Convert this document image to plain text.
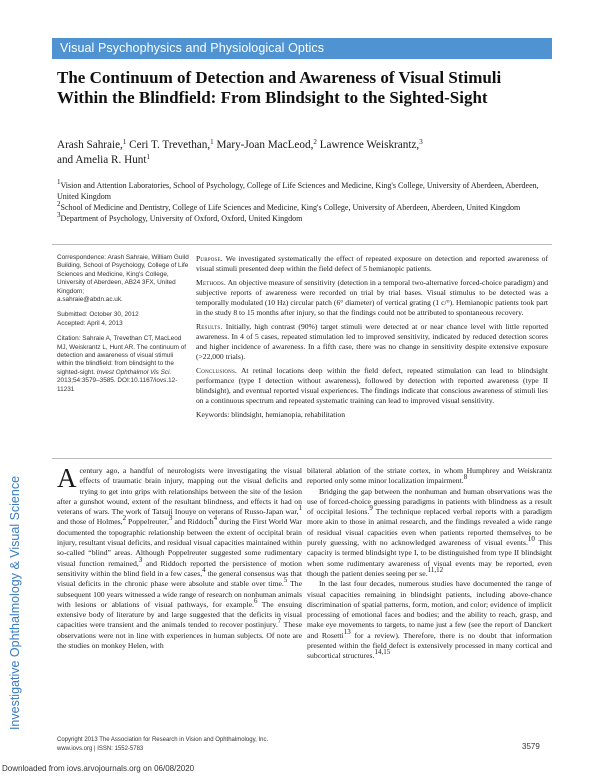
Visual Psychophysics and Physiological Optics
Investigative Ophthalmology & Visual Science
The Continuum of Detection and Awareness of Visual Stimuli Within the Blindfield: From Blindsight to the Sighted-Sight
Arash Sahraie,$^1$ Ceri T. Trevethan,$^1$ Mary-Joan MacLeod,$^2$ Lawrence Weiskrantz,$^3$
and Amelia R. Hunt$^1$

$^1$Vision and Attention Laboratories, School of Psychology, College of Life Sciences and Medicine, King's College, University of Aberdeen, Aberdeen, United Kingdom

$^2$School of Medicine and Dentistry, College of Life Sciences and Medicine, King's College, University of Aberdeen, Aberdeen, United Kingdom

$^3$Department of Psychology, University of Oxford, Oxford, United Kingdom

Correspondence: Arash Sahraie, William Guild Building, School of Psychology, College of Life Sciences and Medicine, King's College, University of Aberdeen, AB24 3FX, United Kingdom;
a.sahraie@abdn.ac.uk.
Submitted: October 30, 2012
Accepted: April 4, 2013
Citation: Sahraie A, Trevethan CT, MacLeod MJ, Weiskrantz L, Hunt AR. The continuum of detection and awareness of visual stimuli within the blindfield: from blindsight to the sighted-sight. Invest Ophthalmol Vis Sci. 2013;54:3579–3585. DOI:10.1167/iovs.12-11231

Purpose. We investigated systematically the effect of repeated exposure on detection and reported awareness of visual stimuli presented deep within the field defect of 5 hemianopic patients.

Methods. An objective measure of sensitivity (detection in a temporal two-alternative forced-choice paradigm) and subjective reports of awareness were recorded on trial by trial bases. Visual stimulus to be detected was a temporally modulated (10 Hz) circular patch (6° diameter) of vertical grating (1 c/°). Hemianopic patients took part in the study 8 to 15 months after injury, so that the findings could not be attributed to spontaneous recovery.

Results. Initially, high contrast (90%) target stimuli were detected at or near chance level with little reported awareness. In 4 of 5 cases, repeated stimulation led to improved sensitivity, indicated by reduced detection scores and higher incidence of awareness. In a fifth case, there was no change in sensitivity despite extensive exposure (>22,000 trials).

Conclusions. At retinal locations deep within the field defect, repeated stimulation can lead to blindsight performance (type I detection without awareness), followed by detection with reported awareness (type II blindsight), and eventual reported visual experiences. The findings indicate that conscious awareness of stimuli lies on a continuous spectrum and repeated systematic training can lead to improved visual sensitivity.

Keywords: blindsight, hemianopia, rehabilitation

Acentury ago, a handful of neurologists were investigating the visual effects of traumatic brain injury, mapping out the visual deficits and trying to get into grips with relationships between the site of the lesion after a gunshot wound, extent of the resultant blindness, and effects it had on veterans of wars. The work of Tatsuji Inouye on veterans of Russo-Japan war,$^1$ and those of Holmes,$^2$ Poppelreuter,$^3$ and Riddoch$^4$ during the First World War documented the topographic relationship between the extent of occipital brain injury, resultant visual deficits, and residual visual capacities maintained within so-called “blind” areas. Although Poppelreuter suggested some rudimentary visual function remained,$^3$ and Riddoch reported the persistence of motion sensitivity within the blind field in a few cases,$^4$ the general consensus was that visual deficits in the chronic phase were absolute and stable over time.$^5$ The subsequent 100 years witnessed a wide range of research on nonhuman animals with lesions or ablations of visual pathways, for example.$^6$ The ensuing extensive body of literature by and large suggested that the deficits in visual capacities were transient and the animals tended to recover postinjury.$^7$ These observations were not in line with experiences in human subjects. Of note are the studies on monkey Helen, with

bilateral ablation of the striate cortex, in whom Humphrey and Weiskrantz reported only some minor localization impairment.$^8$

Bridging the gap between the nonhuman and human observations was the use of forced-choice guessing paradigms in patients with blindness as a result of occipital lesions.$^9$ The technique replaced verbal reports with a paradigm more akin to those in animal research, and the findings revealed a wide range of residual visual capacities even when patients reported themselves to be purely guessing, with no acknowledged awareness of visual events.$^{10}$ This capacity is termed blindsight type I, to be distinguished from type II blindsight when some rudimentary awareness of visual events may be reported, even though the patient denies seeing per se.$^{11,12}$

In the last four decades, numerous studies have documented the range of visual capacities remaining in blindsight patients, including above-chance discrimination of spatial patterns, form, motion, and color; evidence of implicit processing of emotional faces and bodies; and the ability to reach, grasp, and make eye movements to targets, to name just a few (see the report of Danckert and Rosetti$^{13}$ for a review). Therefore, there is no doubt that information presented within the field defect is extensively processed in many cortical and subcortical structures.$^{14,15}$

Copyright 2013 The Association for Research in Vision and Ophthalmology, Inc.
www.iovs.org | ISSN: 1552-5783	3579
Downloaded from iovs.arvojournals.org on 06/08/2020
